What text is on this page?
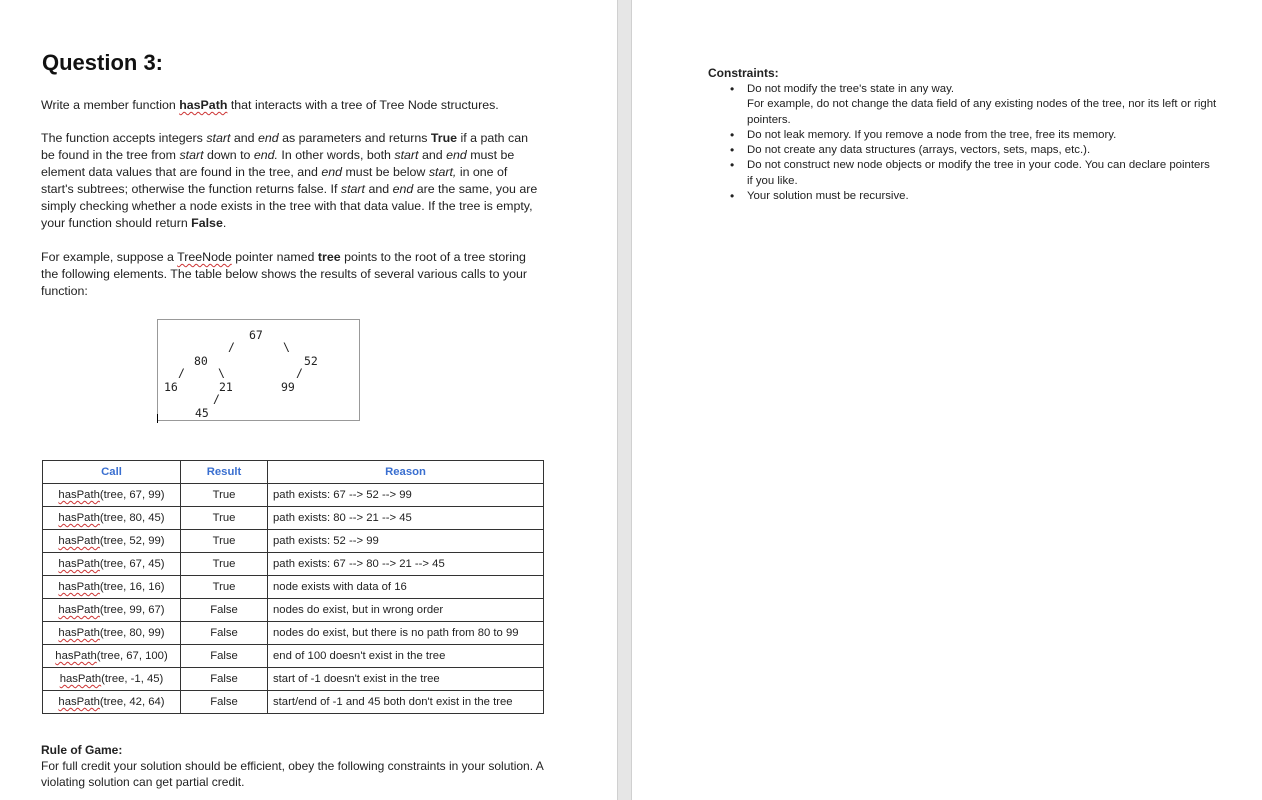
Question 3:

Write a member function hasPath that interacts with a tree of Tree Node structures.

The function accepts integers start and end as parameters and returns True if a path can be found in the tree from start down to end. In other words, both start and end must be element data values that are found in the tree, and end must be below start, in one of start's subtrees; otherwise the function returns false. If start and end are the same, you are simply checking whether a node exists in the tree with that data value. If the tree is empty, your function should return False.

For example, suppose a TreeNode pointer named tree points to the root of a tree storing the following elements. The table below shows the results of several various calls to your function:

67
/	\
80	52
/	\	/
16	21	99
/
45
Call	Result	Reason
hasPath(tree, 67, 99)	True	path exists: 67 --> 52 --> 99
hasPath(tree, 80, 45)	True	path exists: 80 --> 21 --> 45
hasPath(tree, 52, 99)	True	path exists: 52 --> 99
hasPath(tree, 67, 45)	True	path exists: 67 --> 80 --> 21 --> 45
hasPath(tree, 16, 16)	True	node exists with data of 16
hasPath(tree, 99, 67)	False	nodes do exist, but in wrong order
hasPath(tree, 80, 99)	False	nodes do exist, but there is no path from 80 to 99
hasPath(tree, 67, 100)	False	end of 100 doesn't exist in the tree
hasPath(tree, -1, 45)	False	start of -1 doesn't exist in the tree
hasPath(tree, 42, 64)	False	start/end of -1 and 45 both don't exist in the tree

Rule of Game:

For full credit your solution should be efficient, obey the following constraints in your solution. A violating solution can get partial credit.

Constraints:

• Do not modify the tree's state in any way.
For example, do not change the data field of any existing nodes of the tree, nor its left or right pointers.
• Do not leak memory. If you remove a node from the tree, free its memory.
• Do not create any data structures (arrays, vectors, sets, maps, etc.).
• Do not construct new node objects or modify the tree in your code. You can declare pointers if you like.
• Your solution must be recursive.
